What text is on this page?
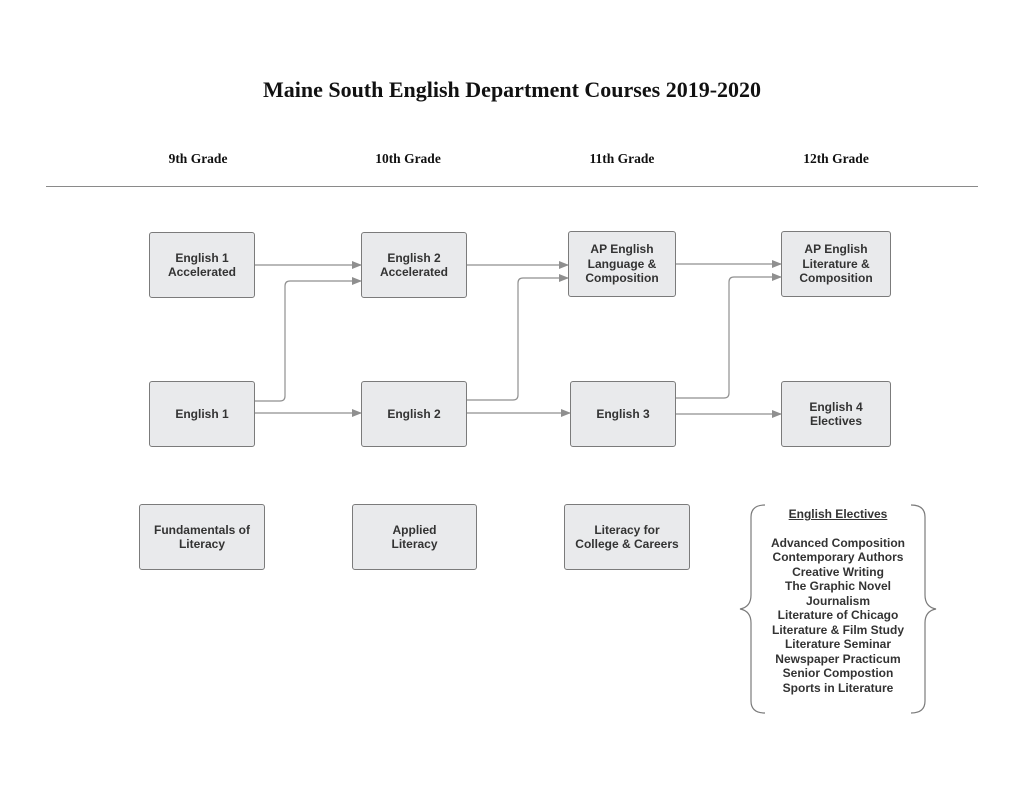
Maine South English Department Courses 2019-2020
9th Grade	10th Grade	11th Grade	12th Grade
English 1
Accelerated
English 2
Accelerated
AP English
Language &
Composition
AP English
Literature &
Composition
English 1	English 2	English 3
English 4
Electives
Fundamentals of
Literacy
Applied
Literacy
Literacy for
College & Careers
English Electives
Advanced Composition
Contemporary Authors
Creative Writing
The Graphic Novel
Journalism
Literature of Chicago
Literature & Film Study
Literature Seminar
Newspaper Practicum
Senior Compostion
Sports in Literature
